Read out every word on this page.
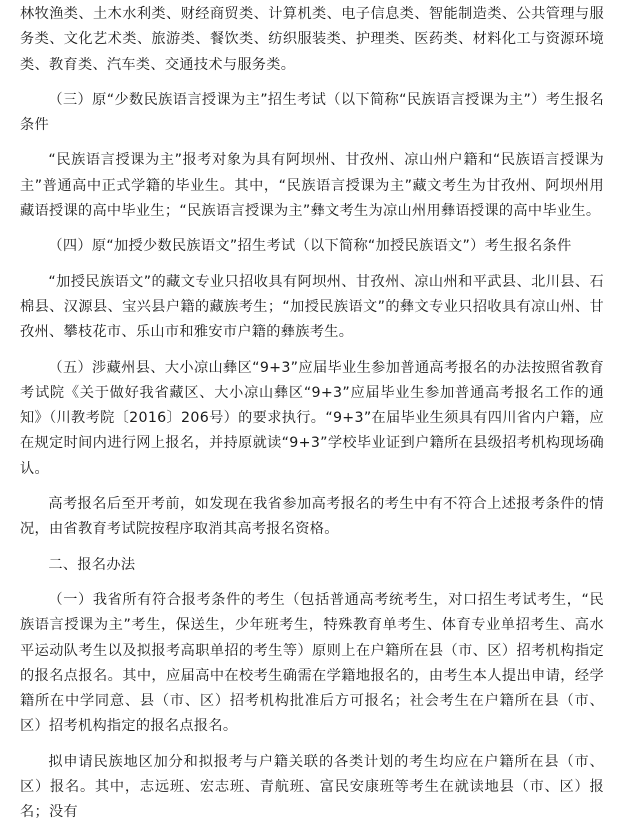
林牧渔类、土木水利类、财经商贸类、计算机类、电子信息类、智能制造类、公共管理与服务类、文化艺术类、旅游类、餐饮类、纺织服装类、护理类、医药类、材料化工与资源环境类、教育类、汽车类、交通技术与服务类。

（三）原“少数民族语言授课为主”招生考试（以下简称“民族语言授课为主”）考生报名条件

“民族语言授课为主”报考对象为具有阿坝州、甘孜州、凉山州户籍和“民族语言授课为主”普通高中正式学籍的毕业生。其中，“民族语言授课为主”藏文考生为甘孜州、阿坝州用藏语授课的高中毕业生；“民族语言授课为主”彝文考生为凉山州用彝语授课的高中毕业生。

（四）原“加授少数民族语文”招生考试（以下简称“加授民族语文”）考生报名条件

“加授民族语文”的藏文专业只招收具有阿坝州、甘孜州、凉山州和平武县、北川县、石棉县、汉源县、宝兴县户籍的藏族考生；“加授民族语文”的彝文专业只招收具有凉山州、甘孜州、攀枝花市、乐山市和雅安市户籍的彝族考生。

（五）涉藏州县、大小凉山彝区“9+3”应届毕业生参加普通高考报名的办法按照省教育考试院《关于做好我省藏区、大小凉山彝区“9+3”应届毕业生参加普通高考报名工作的通知》（川教考院〔2016〕206号）的要求执行。“9+3”在届毕业生须具有四川省内户籍，应在规定时间内进行网上报名，并持原就读“9+3”学校毕业证到户籍所在县级招考机构现场确认。

高考报名后至开考前，如发现在我省参加高考报名的考生中有不符合上述报考条件的情况，由省教育考试院按程序取消其高考报名资格。

二、报名办法

（一）我省所有符合报考条件的考生（包括普通高考统考生，对口招生考试考生，“民族语言授课为主”考生，保送生，少年班考生，特殊教育单考生、体育专业单招考生、高水平运动队考生以及拟报考高职单招的考生等）原则上在户籍所在县（市、区）招考机构指定的报名点报名。其中，应届高中在校考生确需在学籍地报名的，由考生本人提出申请，经学籍所在中学同意、县（市、区）招考机构批准后方可报名；社会考生在户籍所在县（市、区）招考机构指定的报名点报名。

拟申请民族地区加分和拟报考与户籍关联的各类计划的考生均应在户籍所在县（市、区）报名。其中，志远班、宏志班、青航班、富民安康班等考生在就读地县（市、区）报名；没有
